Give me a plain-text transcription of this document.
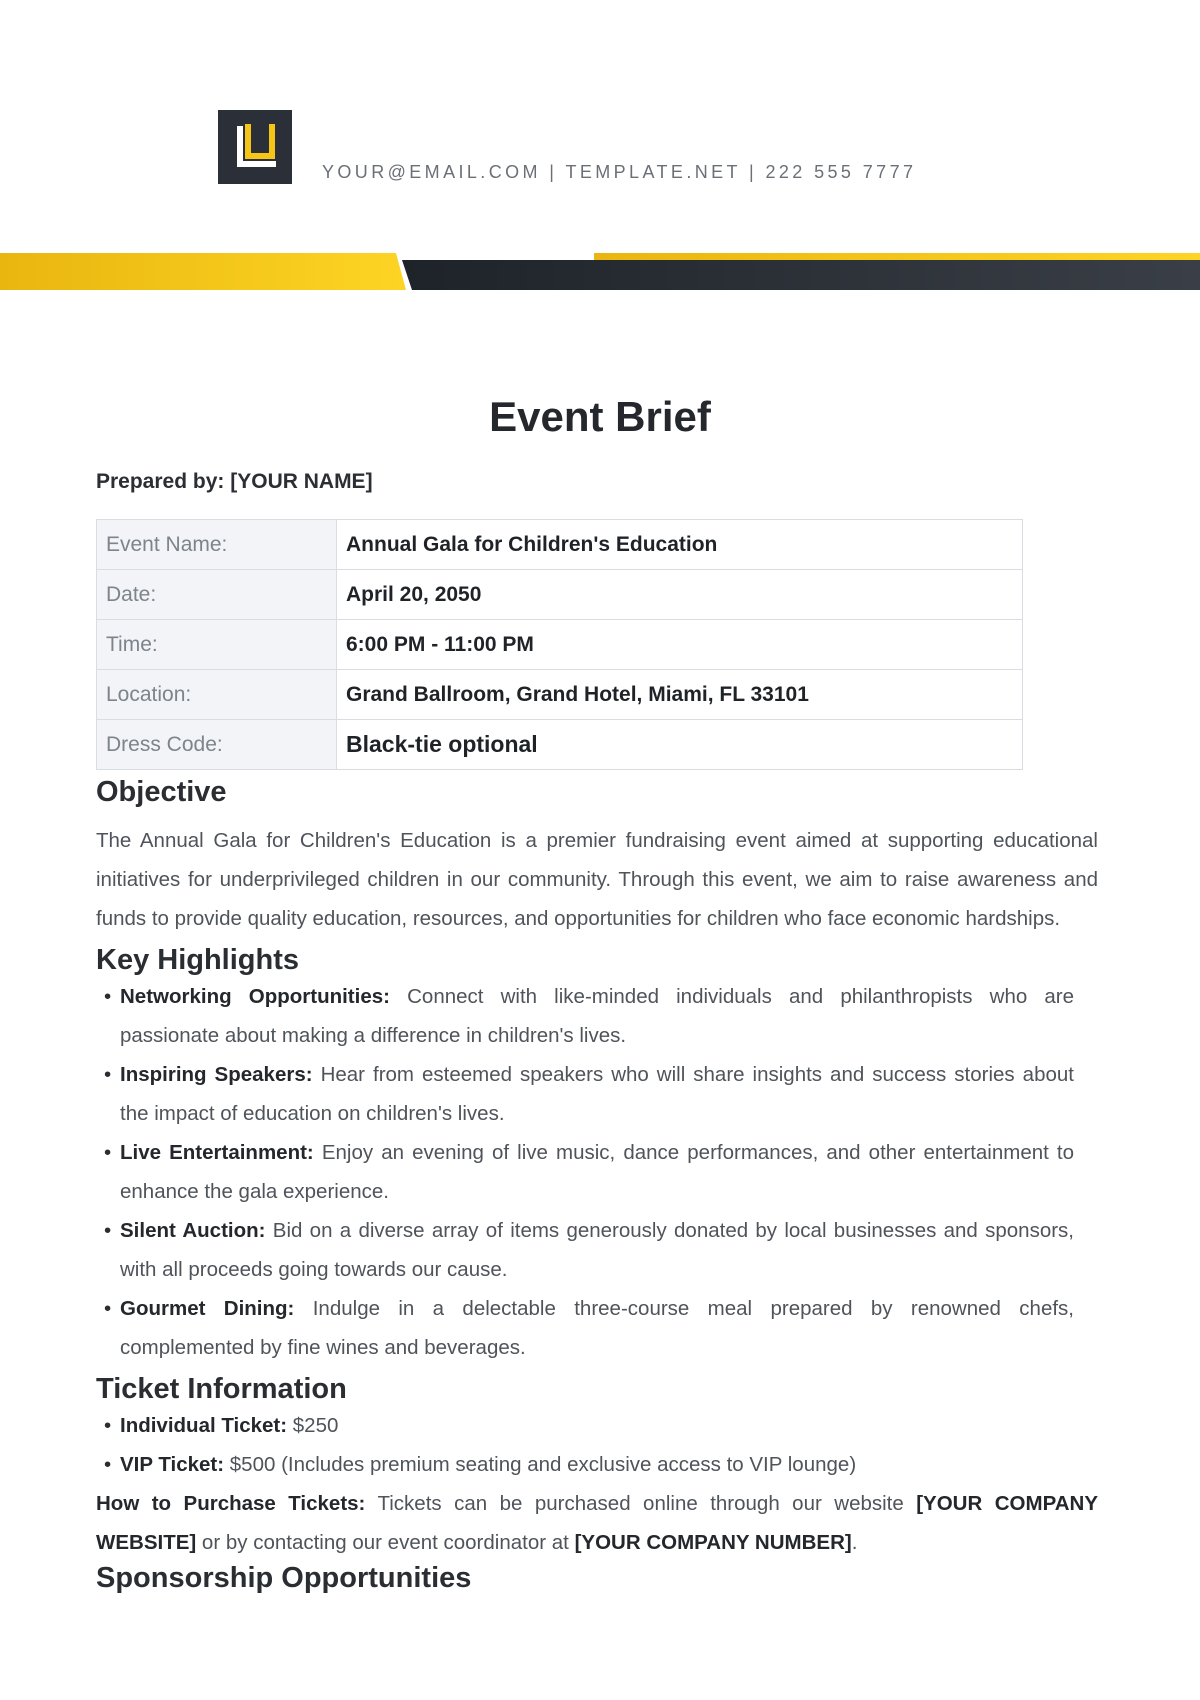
YOUR@EMAIL.COM | TEMPLATE.NET | 222 555 7777
Event Brief

Prepared by: [YOUR NAME]

Event Name:	Annual Gala for Children's Education
Date:	April 20, 2050
Time:	6:00 PM - 11:00 PM
Location:	Grand Ballroom, Grand Hotel, Miami, FL 33101
Dress Code:	Black-tie optional
Objective

The Annual Gala for Children's Education is a premier fundraising event aimed at supporting educational initiatives for underprivileged children in our community. Through this event, we aim to raise awareness and funds to provide quality education, resources, and opportunities for children who face economic hardships.

Key Highlights
• Networking Opportunities: Connect with like-minded individuals and philanthropists who are passionate about making a difference in children's lives.
• Inspiring Speakers: Hear from esteemed speakers who will share insights and success stories about the impact of education on children's lives.
• Live Entertainment: Enjoy an evening of live music, dance performances, and other entertainment to enhance the gala experience.
• Silent Auction: Bid on a diverse array of items generously donated by local businesses and sponsors, with all proceeds going towards our cause.
• Gourmet Dining: Indulge in a delectable three-course meal prepared by renowned chefs, complemented by fine wines and beverages.
Ticket Information
• Individual Ticket: $250
• VIP Ticket: $500 (Includes premium seating and exclusive access to VIP lounge)

How to Purchase Tickets: Tickets can be purchased online through our website [YOUR COMPANY WEBSITE] or by contacting our event coordinator at [YOUR COMPANY NUMBER].

Sponsorship Opportunities
